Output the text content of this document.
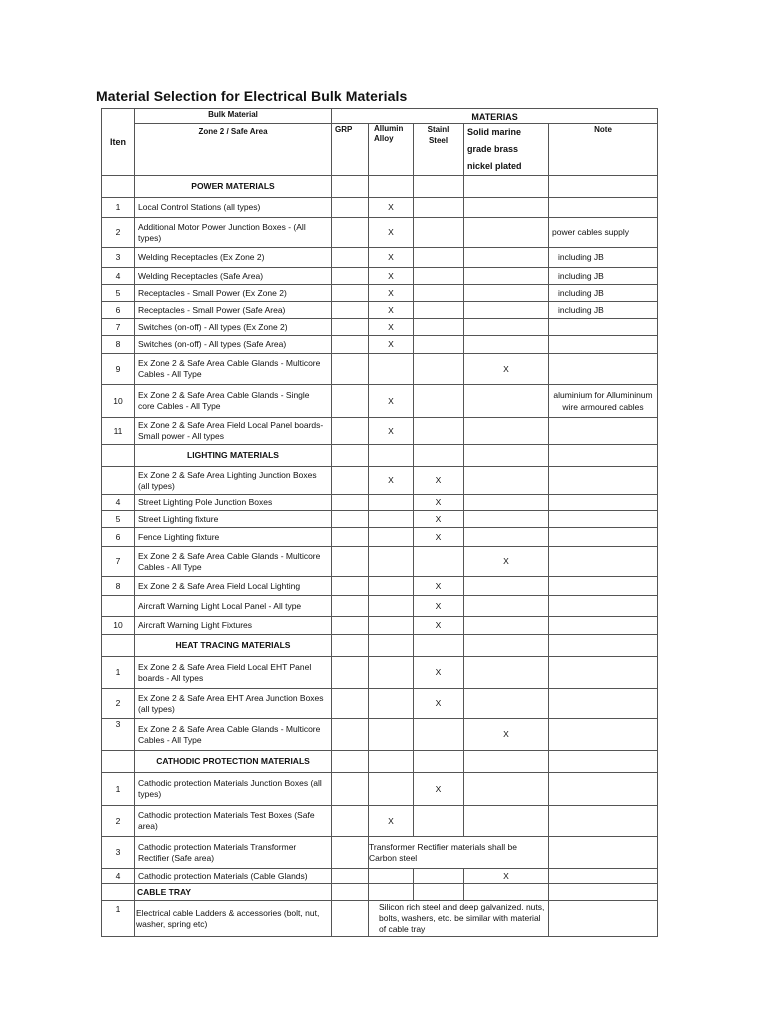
Material Selection for Electrical Bulk Materials
Iten	Bulk Material	MATERIAS				
	Zone 2 / Safe Area	GRP	Allumin Alloy	Stainl Steel	Solid marine grade brass nickel plated	Note
	POWER MATERIALS					
1	Local Control Stations (all types)		X			
2	Additional Motor Power Junction Boxes - (All types)		X			power cables supply
3	Welding Receptacles (Ex Zone 2)		X			including JB
4	Welding Receptacles (Safe Area)		X			including JB
5	Receptacles - Small Power (Ex Zone 2)		X			including JB
6	Receptacles - Small Power (Safe Area)		X			including JB
7	Switches (on-off) - All types (Ex Zone 2)		X			
8	Switches (on-off) - All types (Safe Area)		X			
9	Ex Zone 2 & Safe Area Cable Glands - Multicore Cables - All Type				X	
10	Ex Zone 2 & Safe Area Cable Glands - Single core Cables - All Type		X			aluminium for Allumininum wire armoured cables
11	Ex Zone 2 & Safe Area Field Local Panel boards- Small power - All types		X			
	LIGHTING MATERIALS					
	Ex Zone 2 & Safe Area Lighting Junction Boxes (all types)		X	X		
4	Street Lighting Pole Junction Boxes			X		
5	Street Lighting fixture			X		
6	Fence Lighting fixture			X		
7	Ex Zone 2 & Safe Area Cable Glands - Multicore Cables - All Type				X	
8	Ex Zone 2 & Safe Area Field Local Lighting			X		
	Aircraft Warning Light Local Panel - All type			X		
10	Aircraft Warning Light Fixtures			X		
	HEAT TRACING MATERIALS					
1	Ex Zone 2 & Safe Area Field Local EHT Panel boards - All types			X		
2	Ex Zone 2 & Safe Area EHT Area Junction Boxes (all types)			X		
3	Ex Zone 2 & Safe Area Cable Glands - Multicore Cables - All Type				X	
	CATHODIC PROTECTION MATERIALS					
1	Cathodic protection Materials Junction Boxes (all types)			X		
2	Cathodic protection Materials Test Boxes (Safe area)		X			
3	Cathodic protection Materials Transformer Rectifier (Safe area)		Transformer Rectifier materials shall be Carbon steel			
4	Cathodic protection Materials (Cable Glands)				X	
	CABLE TRAY					
1	Electrical cable Ladders & accessories (bolt, nut, washer, spring etc)		Silicon rich steel and deep galvanized. nuts, bolts, washers, etc. be similar with material of cable tray			
